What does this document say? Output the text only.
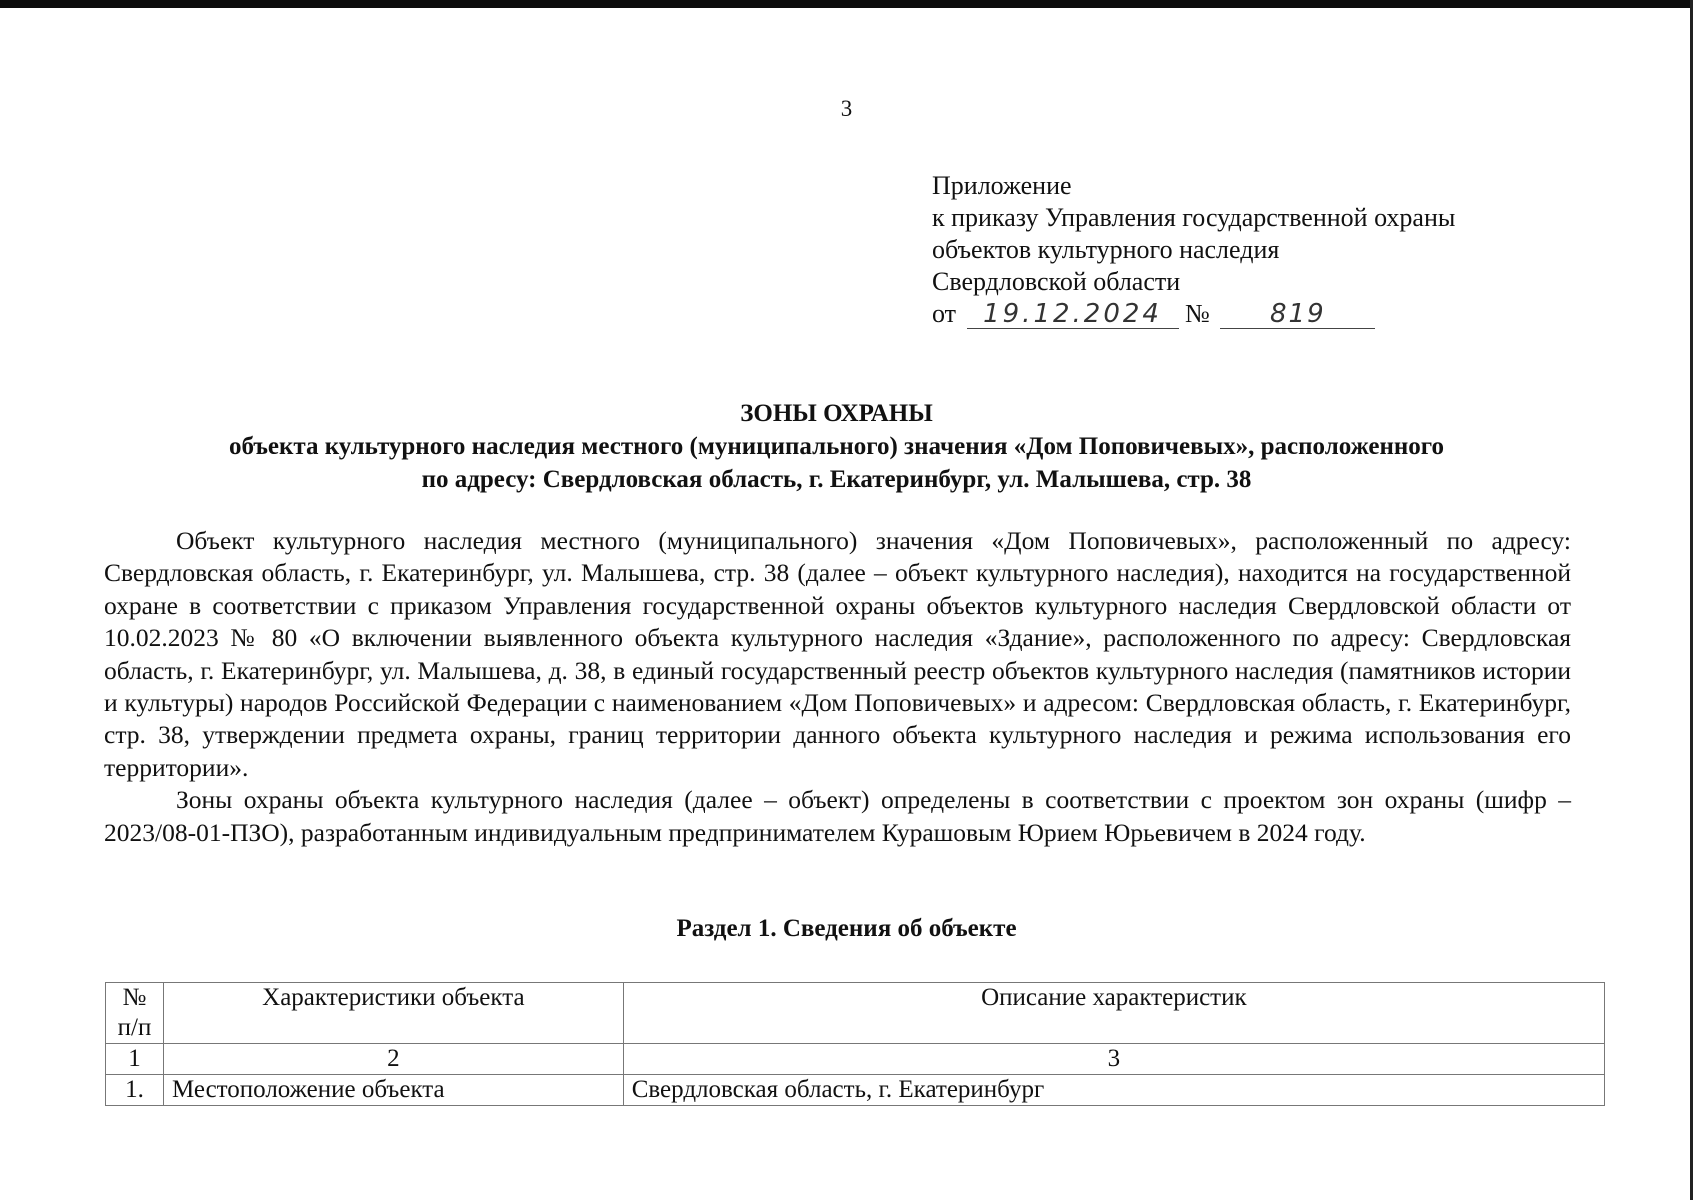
3
Приложение
к приказу Управления государственной охраны
объектов культурного наследия
Свердловской области
от 19.12.2024 № 819
ЗОНЫ ОХРАНЫ
объекта культурного наследия местного (муниципального) значения «Дом Поповичевых», расположенного
по адресу: Свердловская область, г. Екатеринбург, ул. Малышева, стр. 38

Объект культурного наследия местного (муниципального) значения «Дом Поповичевых», расположенный по адресу: Свердловская область, г. Екатеринбург, ул. Малышева, стр. 38 (далее – объект культурного наследия), находится на государственной охране в соответствии с приказом Управления государственной охраны объектов культурного наследия Свердловской области от 10.02.2023 № 80 «О включении выявленного объекта культурного наследия «Здание», расположенного по адресу: Свердловская область, г. Екатеринбург, ул. Малышева, д. 38, в единый государственный реестр объектов культурного наследия (памятников истории и культуры) народов Российской Федерации с наименованием «Дом Поповичевых» и адресом: Свердловская область, г. Екатеринбург, стр. 38, утверждении предмета охраны, границ территории данного объекта культурного наследия и режима использования его территории».

Зоны охраны объекта культурного наследия (далее – объект) определены в соответствии с проектом зон охраны (шифр – 2023/08-01-ПЗО), разработанным индивидуальным предпринимателем Курашовым Юрием Юрьевичем в 2024 году.

Раздел 1. Сведения об объекте
№ п/п	Характеристики объекта	Описание характеристик
1	2	3
1.	Местоположение объекта	Свердловская область, г. Екатеринбург
